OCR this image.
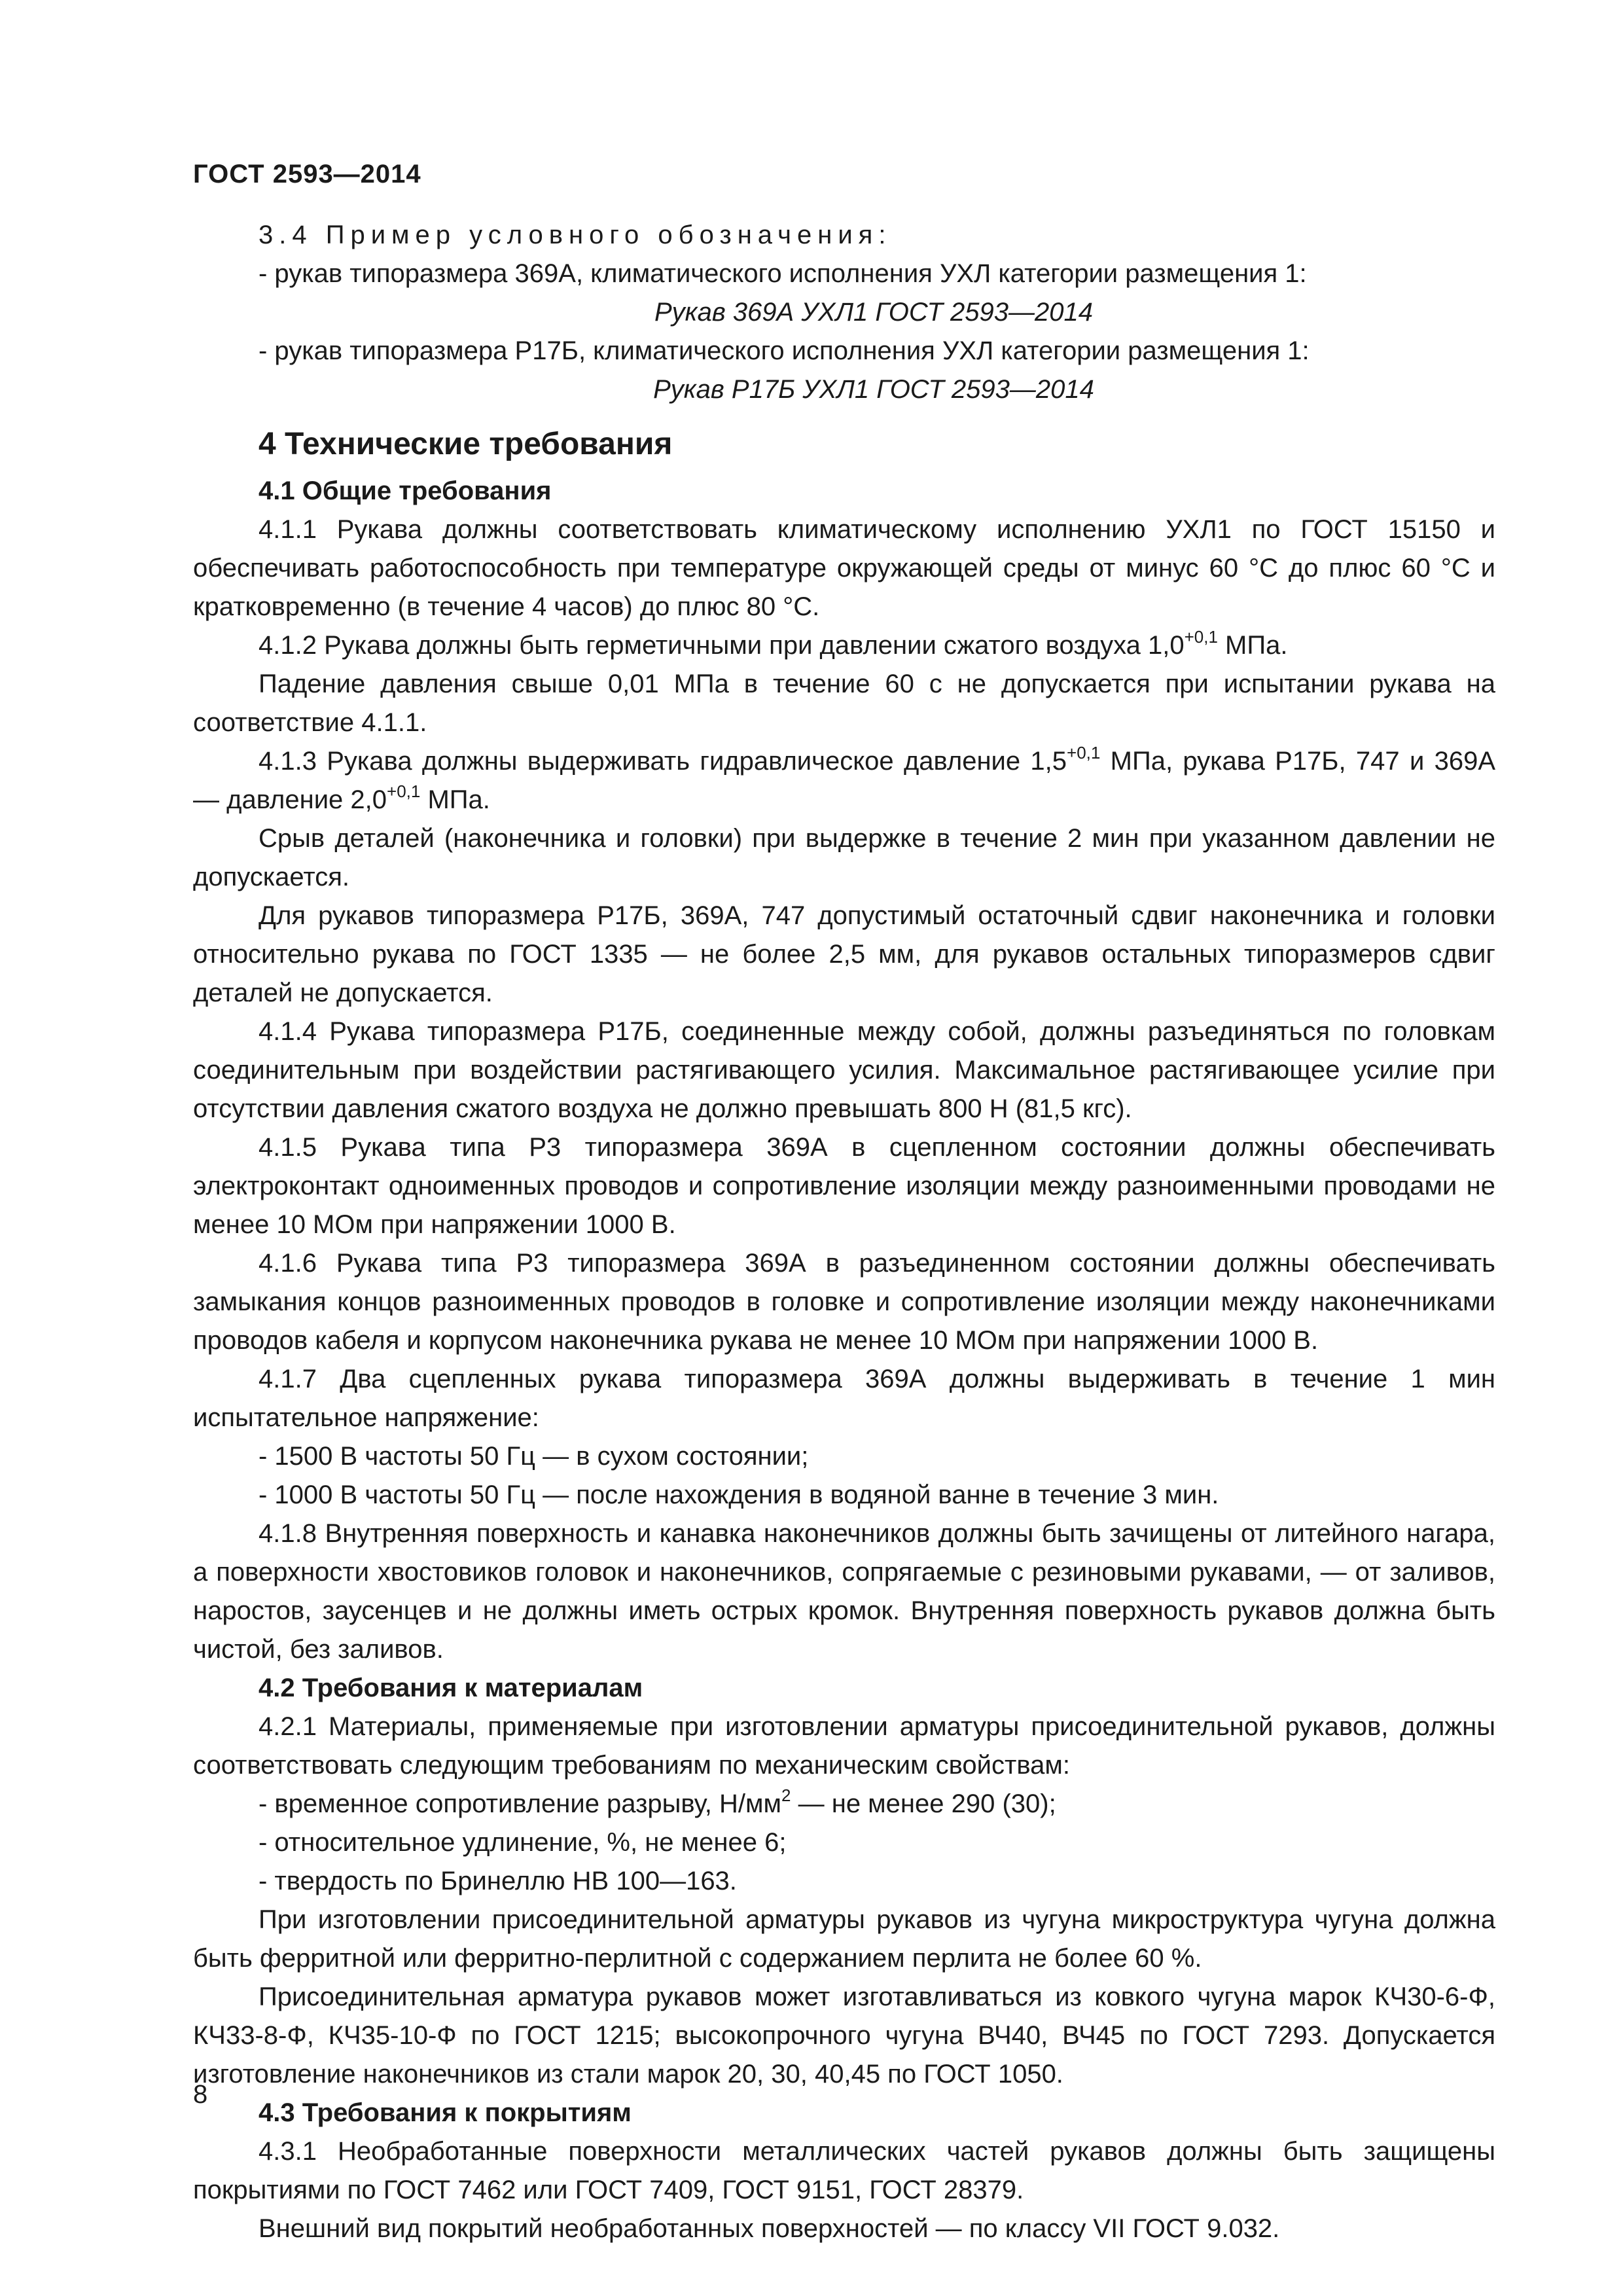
ГОСТ 2593—2014

3.4 Пример условного обозначения:

- рукав типоразмера 369А, климатического исполнения УХЛ категории размещения 1:

Рукав 369А УХЛ1 ГОСТ 2593—2014

- рукав типоразмера Р17Б, климатического исполнения УХЛ категории размещения 1:

Рукав Р17Б УХЛ1 ГОСТ 2593—2014

4 Технические требования

4.1 Общие требования

4.1.1 Рукава должны соответствовать климатическому исполнению УХЛ1 по ГОСТ 15150 и обеспечивать работоспособность при температуре окружающей среды от минус 60 °С до плюс 60 °С и кратковременно (в течение 4 часов) до плюс 80 °С.

4.1.2 Рукава должны быть герметичными при давлении сжатого воздуха $1,0^{+0,1}$ МПа.

Падение давления свыше 0,01 МПа в течение 60 с не допускается при испытании рукава на соответствие 4.1.1.

4.1.3 Рукава должны выдерживать гидравлическое давление $1,5^{+0,1}$ МПа, рукава Р17Б, 747 и 369А — давление $2,0^{+0,1}$ МПа.

Срыв деталей (наконечника и головки) при выдержке в течение 2 мин при указанном давлении не допускается.

Для рукавов типоразмера Р17Б, 369А, 747 допустимый остаточный сдвиг наконечника и головки относительно рукава по ГОСТ 1335 — не более 2,5 мм, для рукавов остальных типоразмеров сдвиг деталей не допускается.

4.1.4 Рукава типоразмера Р17Б, соединенные между собой, должны разъединяться по головкам соединительным при воздействии растягивающего усилия. Максимальное растягивающее усилие при отсутствии давления сжатого воздуха не должно превышать 800 Н (81,5 кгс).

4.1.5 Рукава типа Р3 типоразмера 369А в сцепленном состоянии должны обеспечивать электроконтакт одноименных проводов и сопротивление изоляции между разноименными проводами не менее 10 МОм при напряжении 1000 В.

4.1.6 Рукава типа Р3 типоразмера 369А в разъединенном состоянии должны обеспечивать замыкания концов разноименных проводов в головке и сопротивление изоляции между наконечниками проводов кабеля и корпусом наконечника рукава не менее 10 МОм при напряжении 1000 В.

4.1.7 Два сцепленных рукава типоразмера 369А должны выдерживать в течение 1 мин испытательное напряжение:

- 1500 В частоты 50 Гц — в сухом состоянии;

- 1000 В частоты 50 Гц — после нахождения в водяной ванне в течение 3 мин.

4.1.8 Внутренняя поверхность и канавка наконечников должны быть зачищены от литейного нагара, а поверхности хвостовиков головок и наконечников, сопрягаемые с резиновыми рукавами, — от заливов, наростов, заусенцев и не должны иметь острых кромок. Внутренняя поверхность рукавов должна быть чистой, без заливов.

4.2 Требования к материалам

4.2.1 Материалы, применяемые при изготовлении арматуры присоединительной рукавов, должны соответствовать следующим требованиям по механическим свойствам:

- временное сопротивление разрыву, $Н/мм^2$ — не менее 290 (30);

- относительное удлинение, %, не менее 6;

- твердость по Бринеллю НВ 100—163.

При изготовлении присоединительной арматуры рукавов из чугуна микроструктура чугуна должна быть ферритной или ферритно-перлитной с содержанием перлита не более 60 %.

Присоединительная арматура рукавов может изготавливаться из ковкого чугуна марок КЧ30-6-Ф, КЧ33-8-Ф, КЧ35-10-Ф по ГОСТ 1215; высокопрочного чугуна ВЧ40, ВЧ45 по ГОСТ 7293. Допускается изготовление наконечников из стали марок 20, 30, 40,45 по ГОСТ 1050.

4.3 Требования к покрытиям

4.3.1 Необработанные поверхности металлических частей рукавов должны быть защищены покрытиями по ГОСТ 7462 или ГОСТ 7409, ГОСТ 9151, ГОСТ 28379.

Внешний вид покрытий необработанных поверхностей — по классу VII ГОСТ 9.032.

8
